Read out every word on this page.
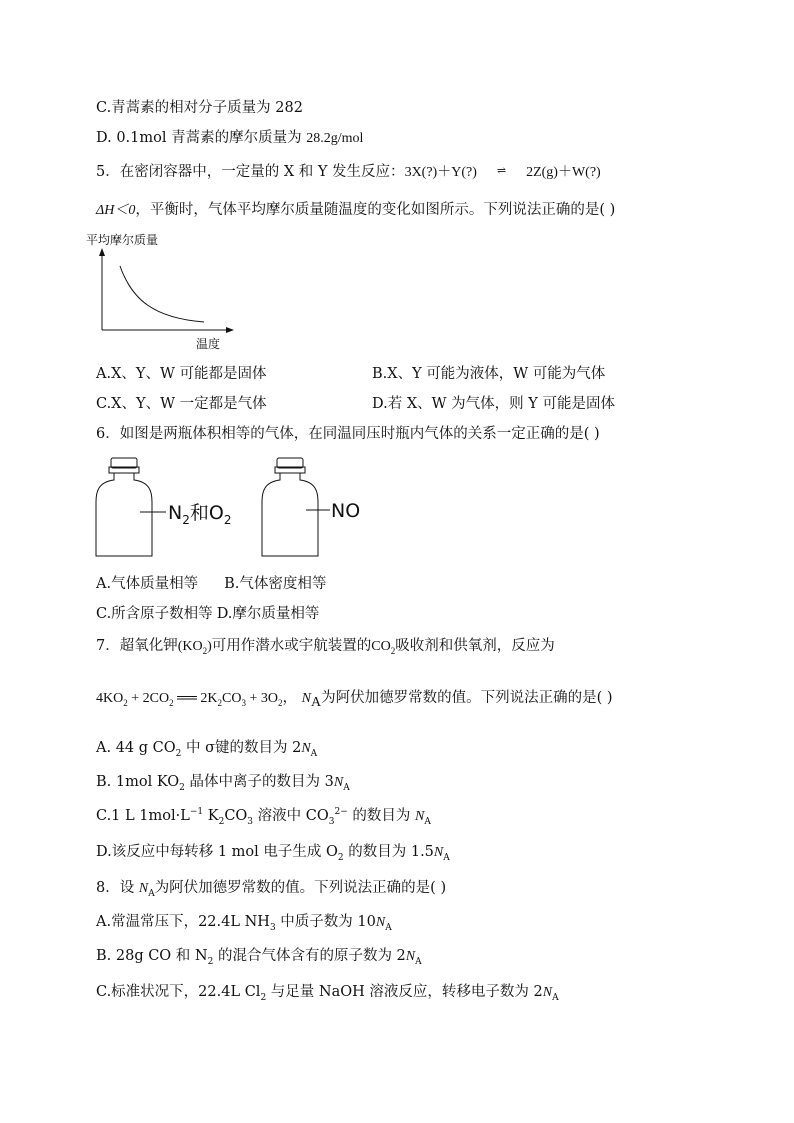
C.青蒿素的相对分子质量为 282
D. 0.1mol 青蒿素的摩尔质量为 28.2g/mol
5．在密闭容器中，一定量的 X 和 Y 发生反应：3X(?)＋Y(?) ⇌ 2Z(g)＋W(?)
ΔH＜0，平衡时，气体平均摩尔质量随温度的变化如图所示。下列说法正确的是( )
平均摩尔质量
温度
A.X、Y、W 可能都是固体	B.X、Y 可能为液体，W 可能为气体
C.X、Y、W 一定都是气体	D.若 X、W 为气体，则 Y 可能是固体
6．如图是两瓶体积相等的气体，在同温同压时瓶内气体的关系一定正确的是( )
$N_2$和$O_2$	NO
A.气体质量相等 B.气体密度相等
C.所含原子数相等 D.摩尔质量相等
7．超氧化钾$(KO_2)$可用作潜水或宇航装置的$CO_2$吸收剂和供氧剂，反应为
$4KO_2 + 2CO_2$ ══ $2K_2CO_3 + 3O_2$， $N_A$为阿伏加德罗常数的值。下列说法正确的是( )
A. 44 g $CO_2$ 中 σ键的数目为 $2N_A$
B. 1mol $KO_2$ 晶体中离子的数目为 $3N_A$
C.1 L $1mol\cdot L^{-1}$ $K_2CO_3$ 溶液中 $CO_3^{2-}$ 的数目为 $N_A$
D.该反应中每转移 1 mol 电子生成 $O_2$ 的数目为 $1.5N_A$
8．设 $N_A$为阿伏加德罗常数的值。下列说法正确的是( )
A.常温常压下，22.4L $NH_3$ 中质子数为 $10N_A$
B. 28g CO 和 $N_2$ 的混合气体含有的原子数为 $2N_A$
C.标准状况下，22.4L $Cl_2$ 与足量 NaOH 溶液反应，转移电子数为 $2N_A$
